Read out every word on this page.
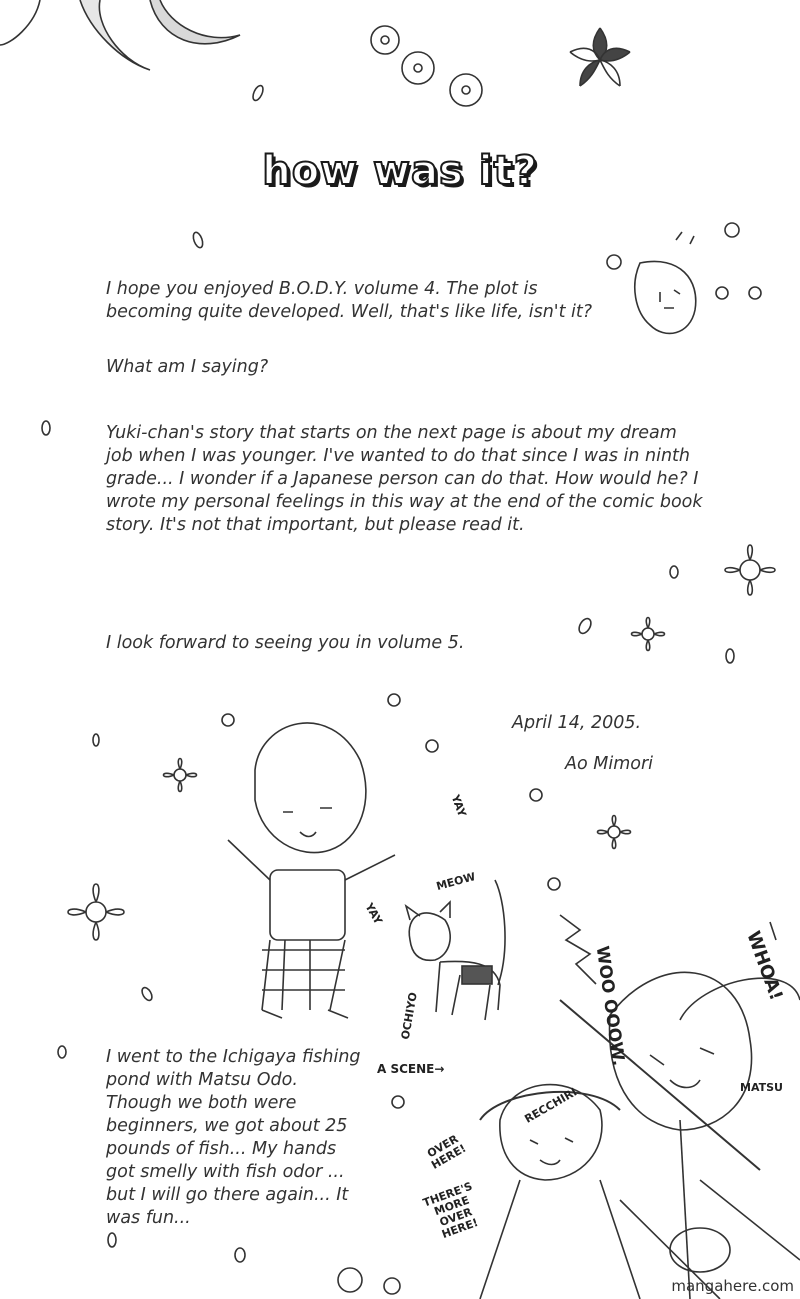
how was it?

I hope you enjoyed B.O.D.Y. volume 4. The plot is becoming quite developed. Well, that's like life, isn't it?

What am I saying?

Yuki-chan's story that starts on the next page is about my dream job when I was younger. I've wanted to do that since I was in ninth grade... I wonder if a Japanese person can do that. How would he? I wrote my personal feelings in this way at the end of the comic book story. It's not that important, but please read it.

I look forward to seeing you in volume 5.

April 14, 2005.

Ao Mimori

I went to the Ichigaya fishing pond with Matsu Odo. Though we both were beginners, we got about 25 pounds of fish... My hands got smelly with fish odor ... but I will go there again... It was fun...

YAY
YAY
MEOW
OCHIYO
WHOA!
WOO OOOW.
MATSU
A SCENE→
RECCHIRI
OVER HERE!
THERE'S MORE OVER HERE!
mangahere.com
